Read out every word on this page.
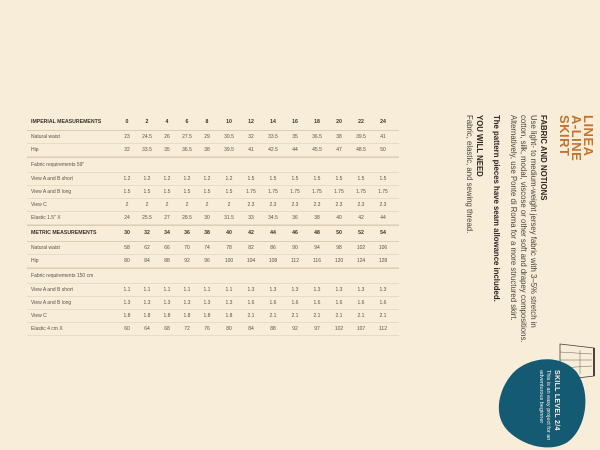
IMPERIAL MEASUREMENTS	0	2	4	6	8	10	12	14	16	18	20	22	24
Natural waist	23	24.5	26	27.5	29	30.5	32	33.5	35	36.5	38	39.5	41
Hip	32	33.5	35	36.5	38	39.5	41	42.5	44	45.5	47	48.5	50
Fabric requirements 59"
View A and B short	1.2	1.2	1.2	1.2	1.2	1.2	1.5	1.5	1.5	1.5	1.5	1.5	1.5
View A and B long	1.5	1.5	1.5	1.5	1.5	1.5	1.75	1.75	1.75	1.75	1.75	1.75	1.75
View C	2	2	2	2	2	2	2.3	2.3	2.3	2.3	2.3	2.3	2.3
Elastic 1.5" X	24	25.5	27	28.5	30	31.5	33	34.5	36	38	40	42	44
METRIC MEASUREMENTS	30	32	34	36	38	40	42	44	46	48	50	52	54
Natural waist	58	62	66	70	74	78	82	86	90	94	98	102	106
Hip	80	84	88	92	96	100	104	108	112	116	120	124	128
Fabric requirements 150 cm
View A and B short	1.1	1.1	1.1	1.1	1.1	1.1	1.3	1.3	1.3	1.3	1.3	1.3	1.3
View A and B long	1.3	1.3	1.3	1.3	1.3	1.3	1.6	1.6	1.6	1.6	1.6	1.6	1.6
View C	1.8	1.8	1.8	1.8	1.8	1.8	2.1	2.1	2.1	2.1	2.1	2.1	2.1
Elastic 4 cm X	60	64	68	72	76	80	84	88	92	97	102	107	112
LINEA
A-LINE
SKIRT
SKILL LEVEL 2/4
This is an easy project for an adventurous beginner
FABRIC AND NOTIONS

Use light- to medium-weight jersey fabric with 3–5% stretch in cotton, silk, modal, viscose or other soft and drapey compositions. Alternatively, use Ponte di Roma for a more structured skirt.

The pattern pieces have seam allowance included.

YOU WILL NEED

Fabric, elastic, and sewing thread.
